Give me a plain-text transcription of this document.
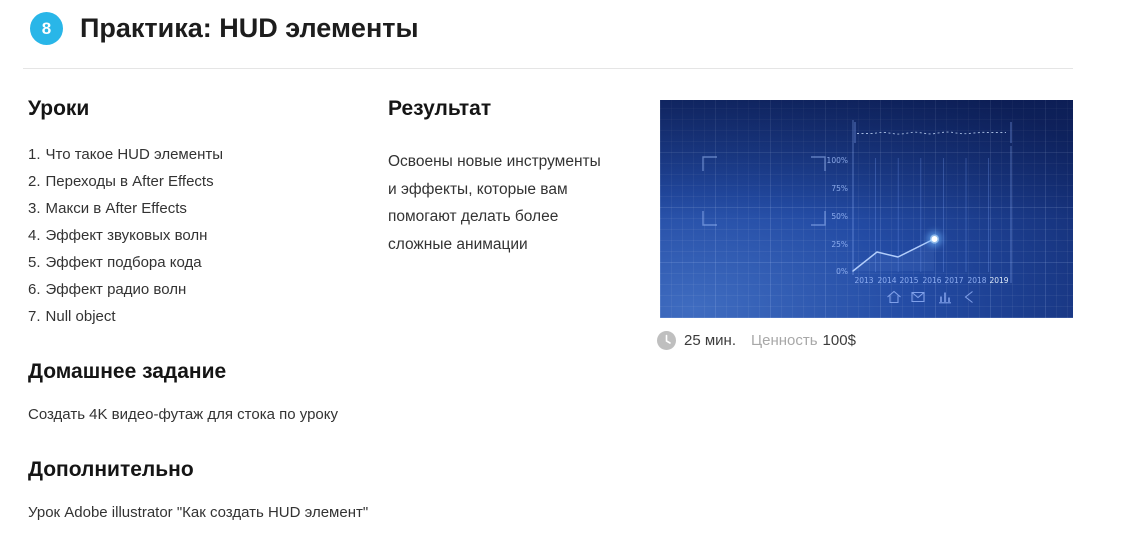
8	Практика: HUD элементы
Уроки
1. Что такое HUD элементы
2. Переходы в After Effects
3. Макси в After Effects
4. Эффект звуковых волн
5. Эффект подбора кода
6. Эффект радио волн
7. Null object
Домашнее задание
Создать 4K видео-футаж для стока по уроку
Дополнительно
Урок Adobe illustrator "Как создать HUD элемент"
Результат
Освоены новые инструменты
и эффекты, которые вам
помогают делать более
сложные анимации
100%
75%
50%
25%
0%
2013 2014 2015 2016 2017 2018 2019
25 мин. Ценность 100$
